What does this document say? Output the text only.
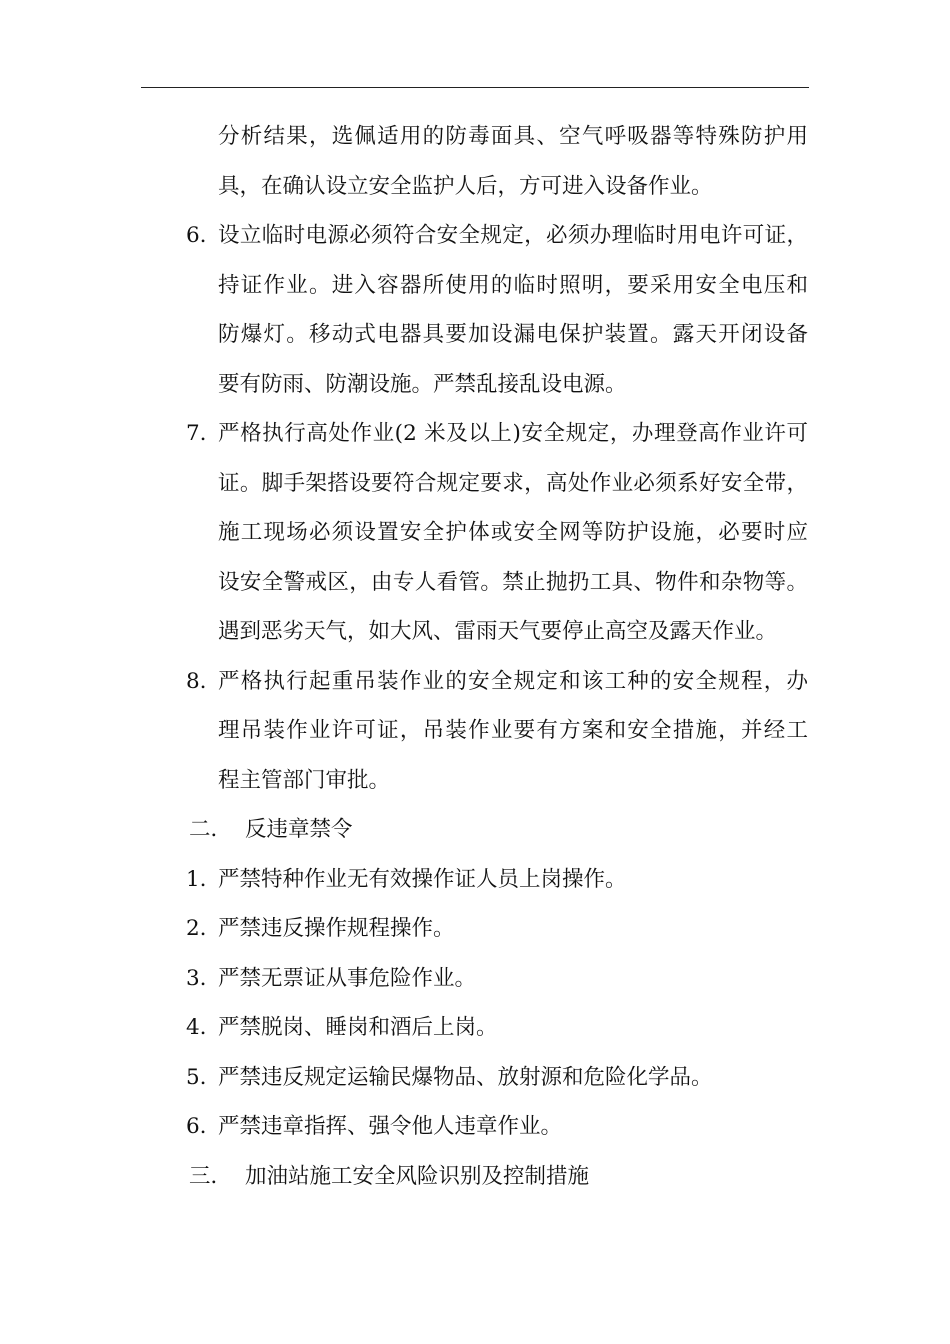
分析结果，选佩适用的防毒面具、空气呼吸器等特殊防护用
具，在确认设立安全监护人后，方可进入设备作业。
6. 设立临时电源必须符合安全规定，必须办理临时用电许可证，
持证作业。进入容器所使用的临时照明，要采用安全电压和
防爆灯。移动式电器具要加设漏电保护装置。露天开闭设备
要有防雨、防潮设施。严禁乱接乱设电源。
7. 严格执行高处作业(2 米及以上)安全规定，办理登高作业许可
证。脚手架搭设要符合规定要求，高处作业必须系好安全带，
施工现场必须设置安全护体或安全网等防护设施，必要时应
设安全警戒区，由专人看管。禁止抛扔工具、物件和杂物等。
遇到恶劣天气，如大风、雷雨天气要停止高空及露天作业。
8. 严格执行起重吊装作业的安全规定和该工种的安全规程，办
理吊装作业许可证，吊装作业要有方案和安全措施，并经工
程主管部门审批。
二． 反违章禁令
1. 严禁特种作业无有效操作证人员上岗操作。
2. 严禁违反操作规程操作。
3. 严禁无票证从事危险作业。
4. 严禁脱岗、睡岗和酒后上岗。
5. 严禁违反规定运输民爆物品、放射源和危险化学品。
6. 严禁违章指挥、强令他人违章作业。
三． 加油站施工安全风险识别及控制措施
